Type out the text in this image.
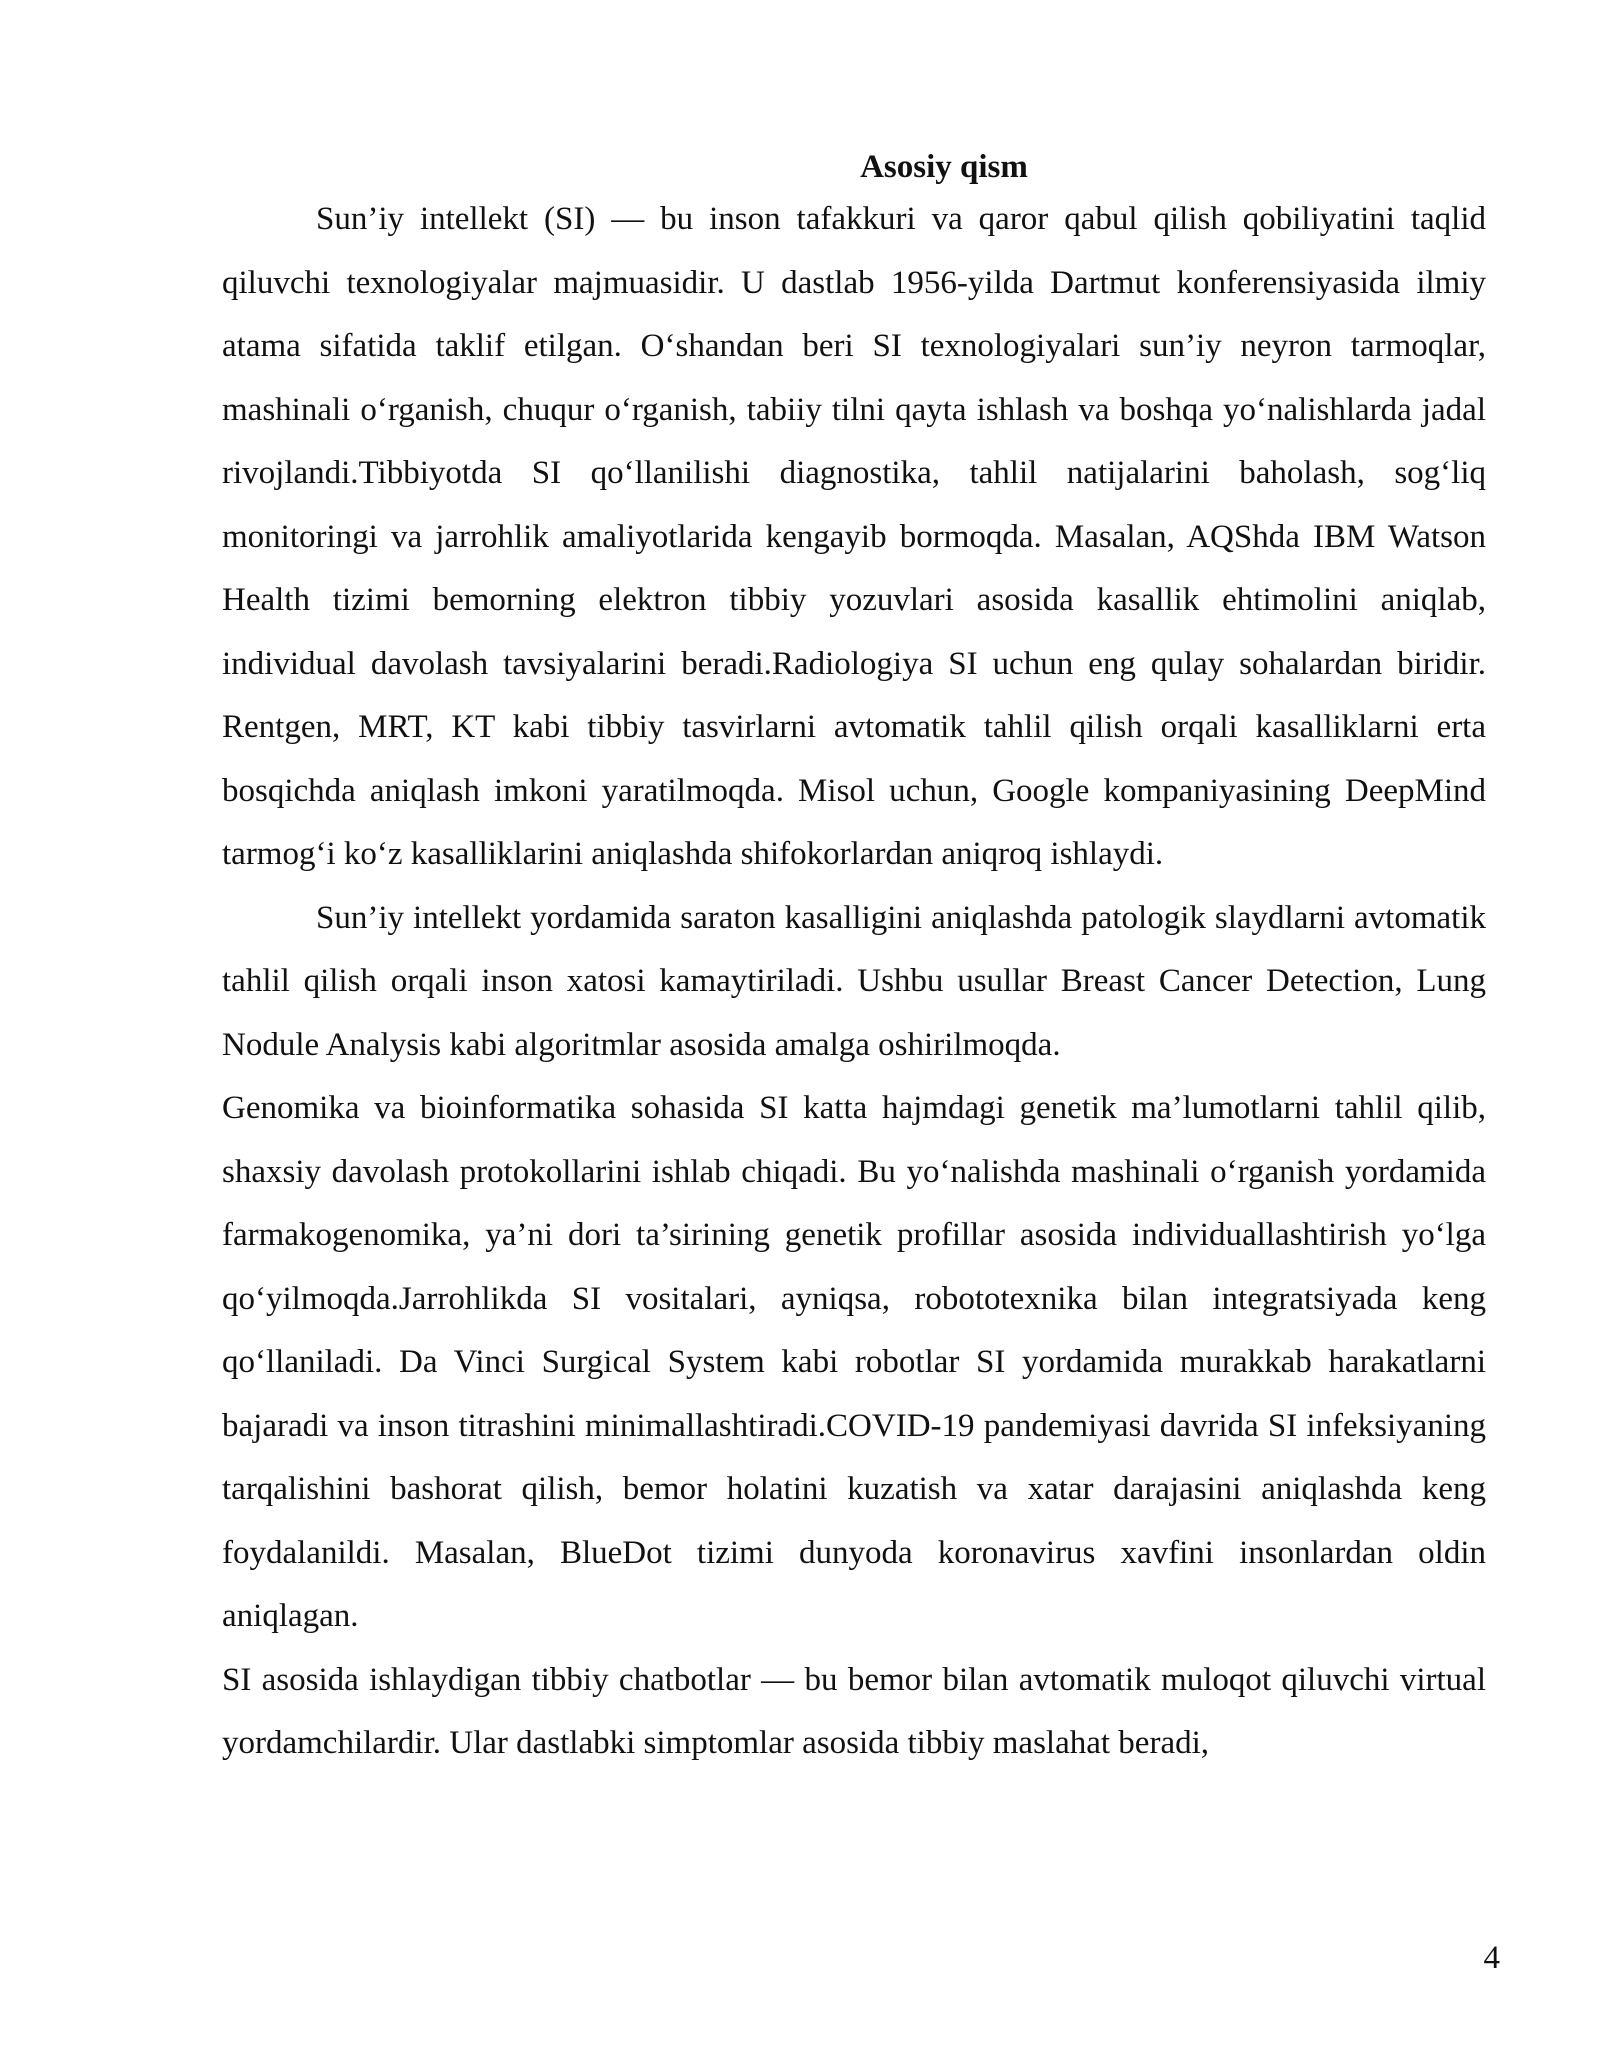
Asosiy qism

Sun’iy intellekt (SI) — bu inson tafakkuri va qaror qabul qilish qobiliyatini taqlid qiluvchi texnologiyalar majmuasidir. U dastlab 1956-yilda Dartmut konferensiyasida ilmiy atama sifatida taklif etilgan. O‘shandan beri SI texnologiyalari sun’iy neyron tarmoqlar, mashinali o‘rganish, chuqur o‘rganish, tabiiy tilni qayta ishlash va boshqa yo‘nalishlarda jadal rivojlandi.Tibbiyotda SI qo‘llanilishi diagnostika, tahlil natijalarini baholash, sog‘liq monitoringi va jarrohlik amaliyotlarida kengayib bormoqda. Masalan, AQShda IBM Watson Health tizimi bemorning elektron tibbiy yozuvlari asosida kasallik ehtimolini aniqlab, individual davolash tavsiyalarini beradi.Radiologiya SI uchun eng qulay sohalardan biridir. Rentgen, MRT, KT kabi tibbiy tasvirlarni avtomatik tahlil qilish orqali kasalliklarni erta bosqichda aniqlash imkoni yaratilmoqda. Misol uchun, Google kompaniyasining DeepMind tarmog‘i ko‘z kasalliklarini aniqlashda shifokorlardan aniqroq ishlaydi.

Sun’iy intellekt yordamida saraton kasalligini aniqlashda patologik slaydlarni avtomatik tahlil qilish orqali inson xatosi kamaytiriladi. Ushbu usullar Breast Cancer Detection, Lung Nodule Analysis kabi algoritmlar asosida amalga oshirilmoqda.

Genomika va bioinformatika sohasida SI katta hajmdagi genetik ma’lumotlarni tahlil qilib, shaxsiy davolash protokollarini ishlab chiqadi. Bu yo‘nalishda mashinali o‘rganish yordamida farmakogenomika, ya’ni dori ta’sirining genetik profillar asosida individuallashtirish yo‘lga qo‘yilmoqda.Jarrohlikda SI vositalari, ayniqsa, robototexnika bilan integratsiyada keng qo‘llaniladi. Da Vinci Surgical System kabi robotlar SI yordamida murakkab harakatlarni bajaradi va inson titrashini minimallashtiradi.COVID-19 pandemiyasi davrida SI infeksiyaning tarqalishini bashorat qilish, bemor holatini kuzatish va xatar darajasini aniqlashda keng foydalanildi. Masalan, BlueDot tizimi dunyoda koronavirus xavfini insonlardan oldin aniqlagan.

SI asosida ishlaydigan tibbiy chatbotlar — bu bemor bilan avtomatik muloqot qiluvchi virtual yordamchilardir. Ular dastlabki simptomlar asosida tibbiy maslahat beradi,

4
